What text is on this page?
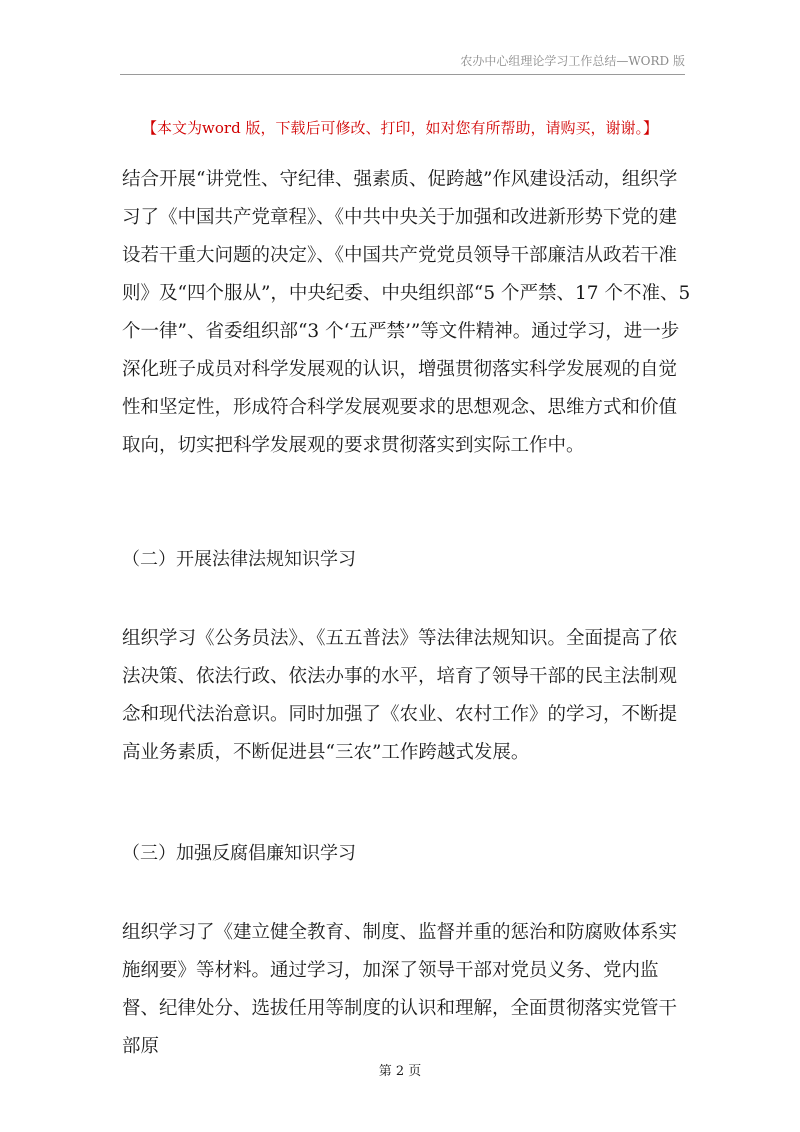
农办中心组理论学习工作总结—WORD 版
【本文为word 版，下载后可修改、打印，如对您有所帮助，请购买，谢谢。】

结合开展“讲党性、守纪律、强素质、促跨越”作风建设活动，组织学习了《中国共产党章程》、《中共中央关于加强和改进新形势下党的建设若干重大问题的决定》、《中国共产党党员领导干部廉洁从政若干准则》及“四个服从”，中央纪委、中央组织部“5 个严禁、17 个不准、5 个一律”、省委组织部“3 个‘五严禁’”等文件精神。通过学习，进一步深化班子成员对科学发展观的认识，增强贯彻落实科学发展观的自觉性和坚定性，形成符合科学发展观要求的思想观念、思维方式和价值取向，切实把科学发展观的要求贯彻落实到实际工作中。

（二）开展法律法规知识学习

组织学习《公务员法》、《五五普法》等法律法规知识。全面提高了依法决策、依法行政、依法办事的水平，培育了领导干部的民主法制观念和现代法治意识。同时加强了《农业、农村工作》的学习，不断提高业务素质，不断促进县“三农”工作跨越式发展。

（三）加强反腐倡廉知识学习

组织学习了《建立健全教育、制度、监督并重的惩治和防腐败体系实施纲要》等材料。通过学习，加深了领导干部对党员义务、党内监督、纪律处分、选拔任用等制度的认识和理解，全面贯彻落实党管干部原

第 2 页
